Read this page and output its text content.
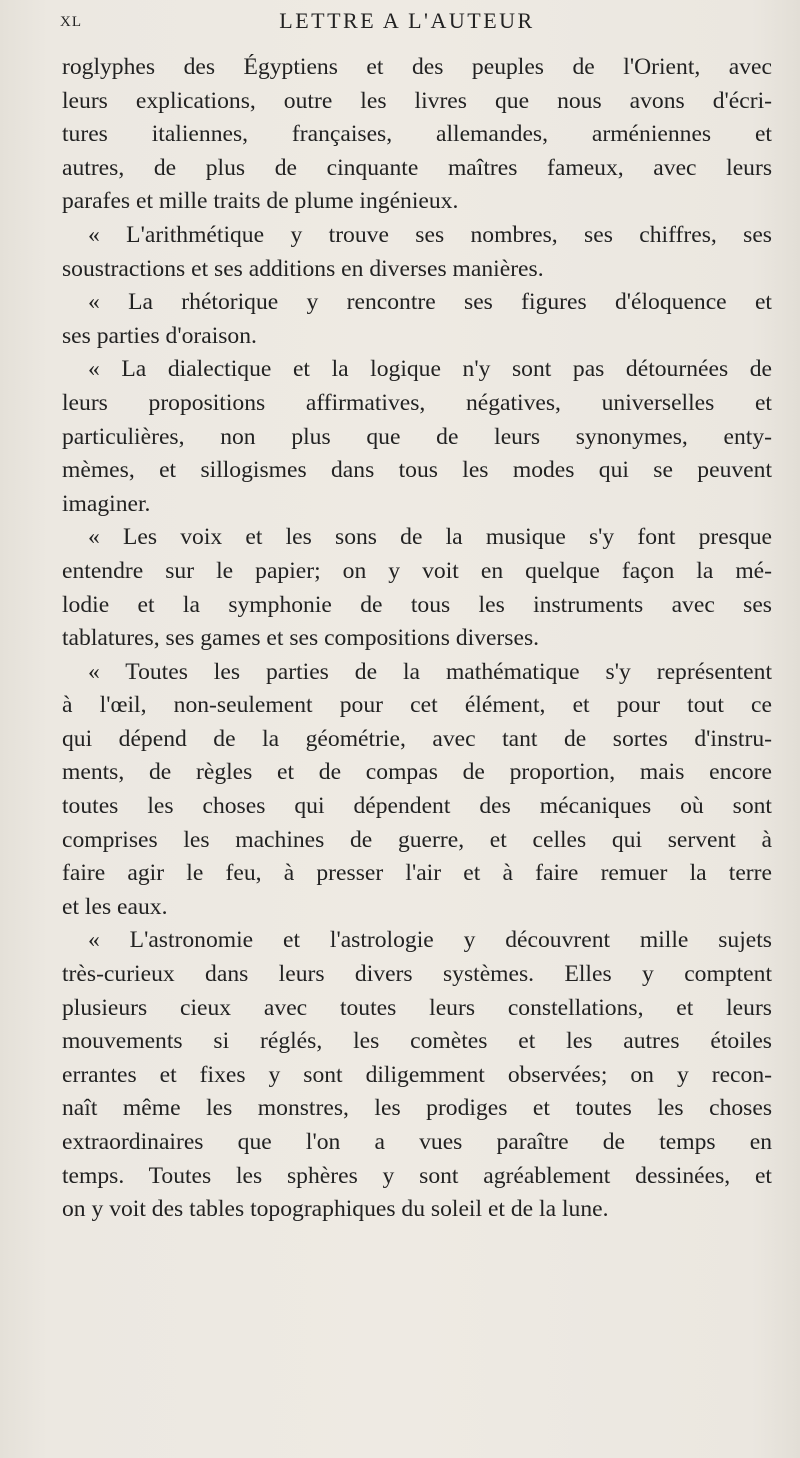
XL	LETTRE A L'AUTEUR
roglyphes des Égyptiens et des peuples de l'Orient, avec
leurs explications, outre les livres que nous avons d'écri-
tures italiennes, françaises, allemandes, arméniennes et
autres, de plus de cinquante maîtres fameux, avec leurs
parafes et mille traits de plume ingénieux.
« L'arithmétique y trouve ses nombres, ses chiffres, ses
soustractions et ses additions en diverses manières.
« La rhétorique y rencontre ses figures d'éloquence et
ses parties d'oraison.
« La dialectique et la logique n'y sont pas détournées de
leurs propositions affirmatives, négatives, universelles et
particulières, non plus que de leurs synonymes, enty-
mèmes, et sillogismes dans tous les modes qui se peuvent
imaginer.
« Les voix et les sons de la musique s'y font presque
entendre sur le papier; on y voit en quelque façon la mé-
lodie et la symphonie de tous les instruments avec ses
tablatures, ses games et ses compositions diverses.
« Toutes les parties de la mathématique s'y représentent
à l'œil, non-seulement pour cet élément, et pour tout ce
qui dépend de la géométrie, avec tant de sortes d'instru-
ments, de règles et de compas de proportion, mais encore
toutes les choses qui dépendent des mécaniques où sont
comprises les machines de guerre, et celles qui servent à
faire agir le feu, à presser l'air et à faire remuer la terre
et les eaux.
« L'astronomie et l'astrologie y découvrent mille sujets
très-curieux dans leurs divers systèmes. Elles y comptent
plusieurs cieux avec toutes leurs constellations, et leurs
mouvements si réglés, les comètes et les autres étoiles
errantes et fixes y sont diligemment observées; on y recon-
naît même les monstres, les prodiges et toutes les choses
extraordinaires que l'on a vues paraître de temps en
temps. Toutes les sphères y sont agréablement dessinées, et
on y voit des tables topographiques du soleil et de la lune.
